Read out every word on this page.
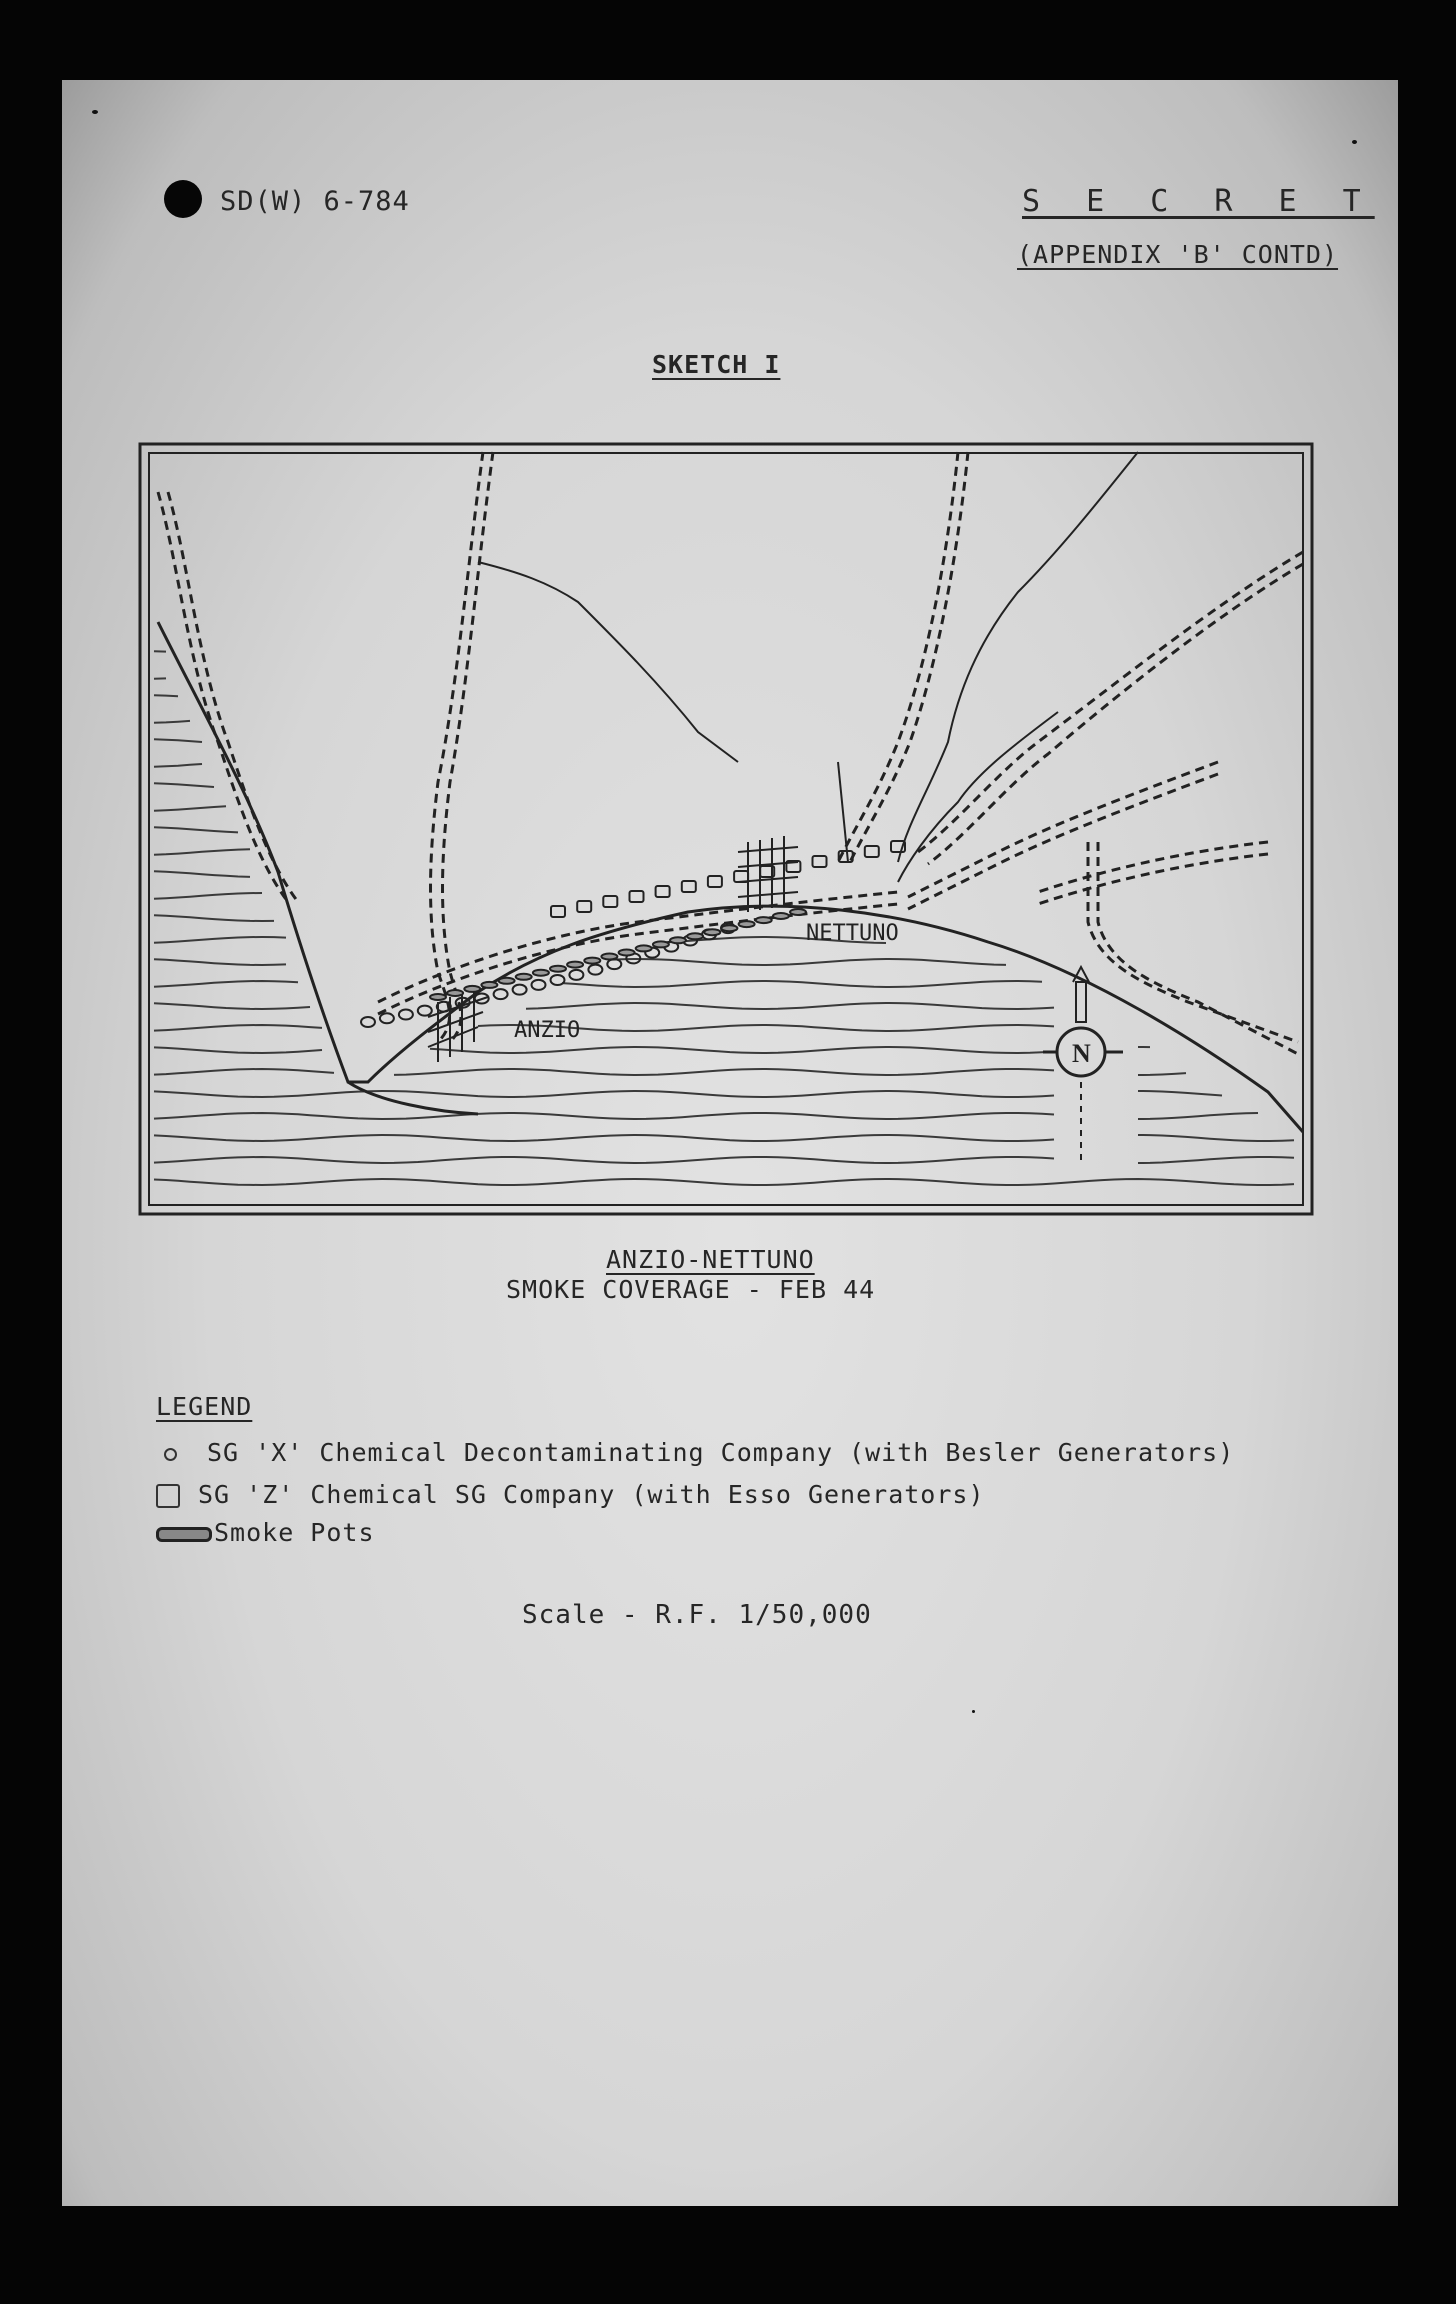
SD(W) 6-784	S E C R E T
(APPENDIX 'B' CONTD)
SKETCH I
N
ANZIO
NETTUNO
ANZIO-NETTUNO
SMOKE COVERAGE - FEB 44
LEGEND
SG 'X' Chemical Decontaminating Company (with Besler Generators)
SG 'Z' Chemical SG Company (with Esso Generators)
Smoke Pots
Scale - R.F. 1/50,000
